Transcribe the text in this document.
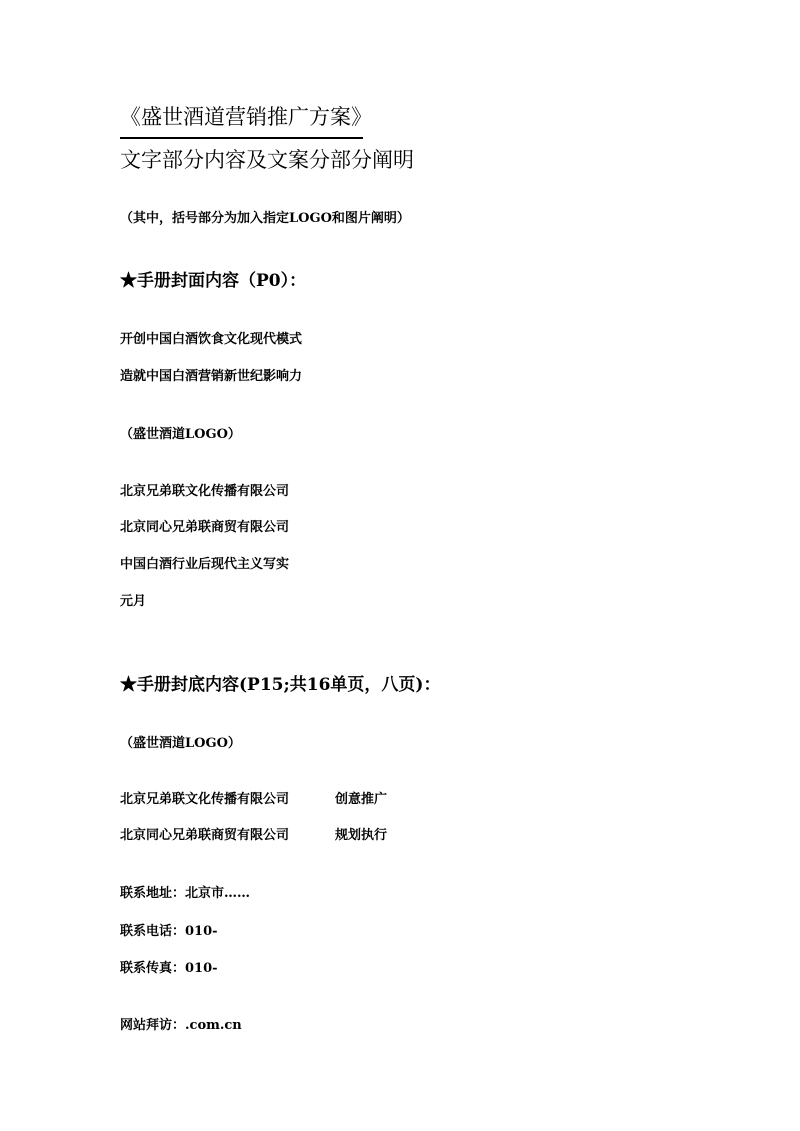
《盛世酒道营销推广方案》
文字部分内容及文案分部分阐明
（其中，括号部分为加入指定LOGO和图片阐明）
★手册封面内容（P0）：
开创中国白酒饮食文化现代模式
造就中国白酒营销新世纪影响力
（盛世酒道LOGO）
北京兄弟联文化传播有限公司
北京同心兄弟联商贸有限公司
中国白酒行业后现代主义写实
元月
★手册封底内容(P15;共16单页，八页)：
（盛世酒道LOGO）
北京兄弟联文化传播有限公司	创意推广
北京同心兄弟联商贸有限公司	规划执行
联系地址：北京市……
联系电话：010-
联系传真：010-
网站拜访：.com.cn
